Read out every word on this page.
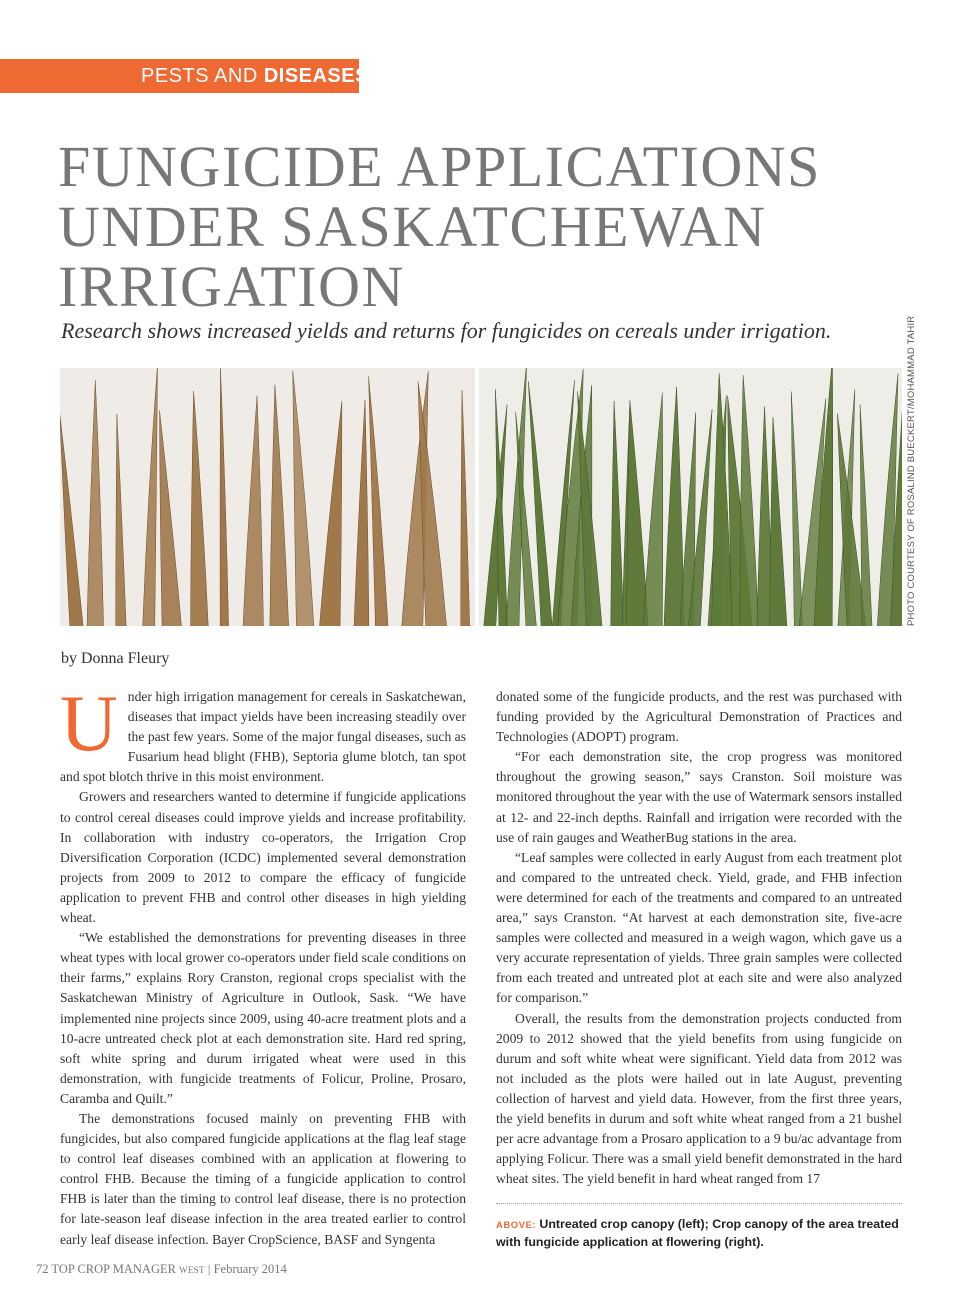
PESTS AND DISEASES
FUNGICIDE APPLICATIONS UNDER SASKATCHEWAN IRRIGATION

Research shows increased yields and returns for fungicides on cereals under irrigation.	PHOTO COURTESY OF ROSALIND BUECKERT/MOHAMMAD TAHIR

by Donna Fleury

U nder high irrigation management for cereals in Saskatchewan, diseases that impact yields have been increasing steadily over the past few years. Some of the major fungal diseases, such as Fusarium head blight (FHB), Septoria glume blotch, tan spot and spot blotch thrive in this moist environment.

Growers and researchers wanted to determine if fungicide applications to control cereal diseases could improve yields and increase profitability. In collaboration with industry co-operators, the Irrigation Crop Diversification Corporation (ICDC) implemented several demonstration projects from 2009 to 2012 to compare the efficacy of fungicide application to prevent FHB and control other diseases in high yielding wheat.

“We established the demonstrations for preventing diseases in three wheat types with local grower co-operators under field scale conditions on their farms,” explains Rory Cranston, regional crops specialist with the Saskatchewan Ministry of Agriculture in Outlook, Sask. “We have implemented nine projects since 2009, using 40-acre treatment plots and a 10-acre untreated check plot at each demonstration site. Hard red spring, soft white spring and durum irrigated wheat were used in this demonstration, with fungicide treatments of Folicur, Proline, Prosaro, Caramba and Quilt.”

The demonstrations focused mainly on preventing FHB with fungicides, but also compared fungicide applications at the flag leaf stage to control leaf diseases combined with an application at flowering to control FHB. Because the timing of a fungicide application to control FHB is later than the timing to control leaf disease, there is no protection for late-season leaf disease infection in the area treated earlier to control early leaf disease infection. Bayer CropScience, BASF and Syngenta

donated some of the fungicide products, and the rest was purchased with funding provided by the Agricultural Demonstration of Practices and Technologies (ADOPT) program.

“For each demonstration site, the crop progress was monitored throughout the growing season,” says Cranston. Soil moisture was monitored throughout the year with the use of Watermark sensors installed at 12- and 22-inch depths. Rainfall and irrigation were recorded with the use of rain gauges and WeatherBug stations in the area.

“Leaf samples were collected in early August from each treatment plot and compared to the untreated check. Yield, grade, and FHB infection were determined for each of the treatments and compared to an untreated area,” says Cranston. “At harvest at each demonstration site, five-acre samples were collected and measured in a weigh wagon, which gave us a very accurate representation of yields. Three grain samples were collected from each treated and untreated plot at each site and were also analyzed for comparison.”

Overall, the results from the demonstration projects conducted from 2009 to 2012 showed that the yield benefits from using fungicide on durum and soft white wheat were significant. Yield data from 2012 was not included as the plots were hailed out in late August, preventing collection of harvest and yield data. However, from the first three years, the yield benefits in durum and soft white wheat ranged from a 21 bushel per acre advantage from a Prosaro application to a 9 bu/ac advantage from applying Folicur. There was a small yield benefit demonstrated in the hard wheat sites. The yield benefit in hard wheat ranged from 17

ABOVE: Untreated crop canopy (left); Crop canopy of the area treated with fungicide application at flowering (right).

72 TOP CROP MANAGER WEST | February 2014
